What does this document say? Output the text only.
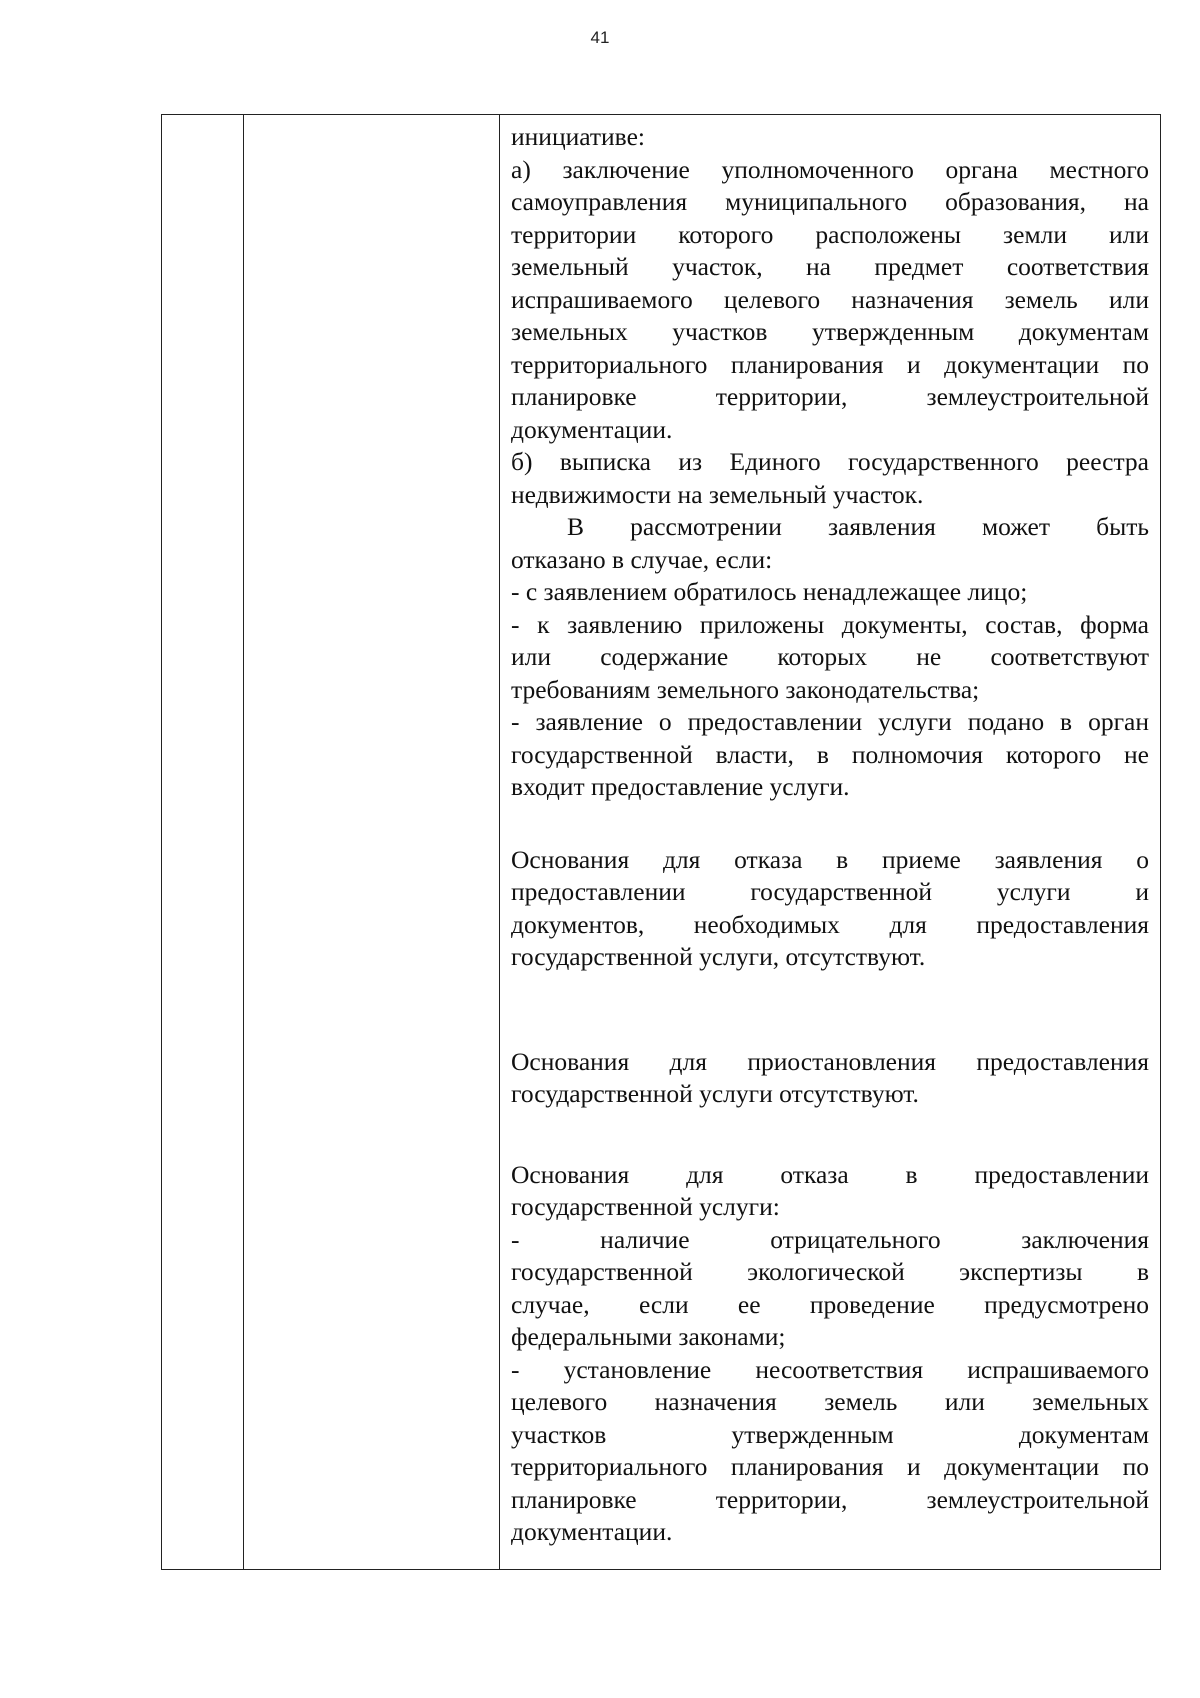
41
инициативе:
а) заключение уполномоченного органа местного
самоуправления муниципального образования, на
территории которого расположены земли или
земельный участок, на предмет соответствия
испрашиваемого целевого назначения земель или
земельных участков утвержденным документам
территориального планирования и документации по
планировке территории, землеустроительной
документации.
б) выписка из Единого государственного реестра
недвижимости на земельный участок.
В рассмотрении заявления может быть
отказано в случае, если:
- с заявлением обратилось ненадлежащее лицо;
- к заявлению приложены документы, состав, форма
или содержание которых не соответствуют
требованиям земельного законодательства;
- заявление о предоставлении услуги подано в орган
государственной власти, в полномочия которого не
входит предоставление услуги.
Основания для отказа в приеме заявления о
предоставлении государственной услуги и
документов, необходимых для предоставления
государственной услуги, отсутствуют.
Основания для приостановления предоставления
государственной услуги отсутствуют.
Основания для отказа в предоставлении
государственной услуги:
- наличие отрицательного заключения
государственной экологической экспертизы в
случае, если ее проведение предусмотрено
федеральными законами;
- установление несоответствия испрашиваемого
целевого назначения земель или земельных
участков утвержденным документам
территориального планирования и документации по
планировке территории, землеустроительной
документации.
